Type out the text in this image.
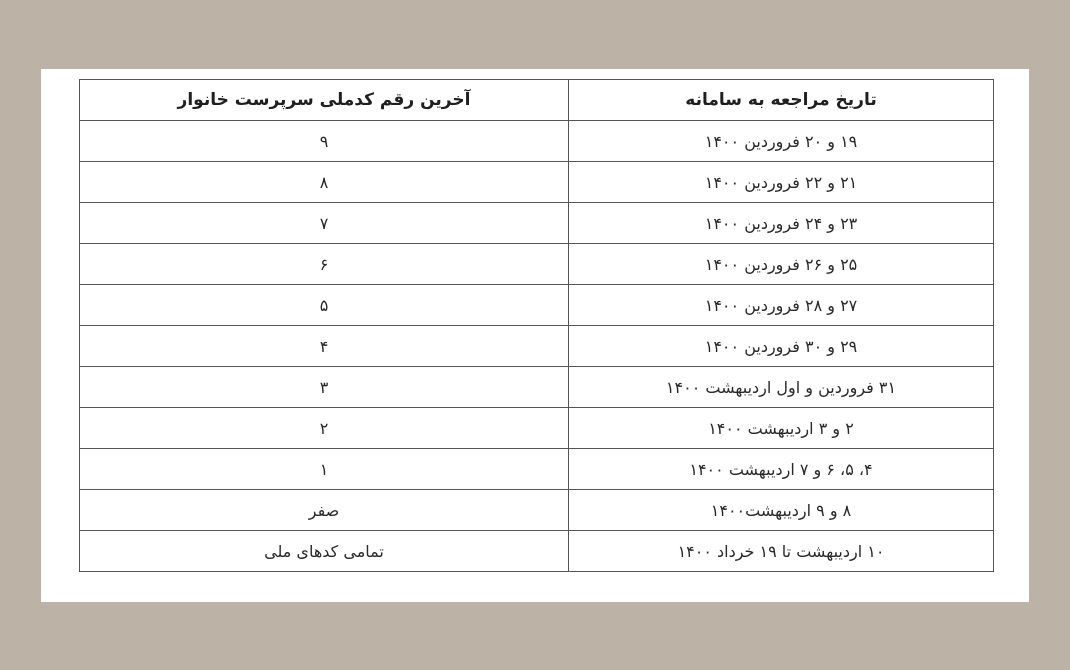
تاریخ مراجعه به سامانه	آخرین رقم کدملی سرپرست خانوار
۱۹ و ۲۰ فروردین ۱۴۰۰	۹
۲۱ و ۲۲ فروردین ۱۴۰۰	۸
۲۳ و ۲۴ فروردین ۱۴۰۰	۷
۲۵ و ۲۶ فروردین ۱۴۰۰	۶
۲۷ و ۲۸ فروردین ۱۴۰۰	۵
۲۹ و ۳۰ فروردین ۱۴۰۰	۴
۳۱ فروردین و اول اردیبهشت ۱۴۰۰	۳
۲ و ۳ اردیبهشت ۱۴۰۰	۲
۴، ۵، ۶ و ۷ اردیبهشت ۱۴۰۰	۱
۸ و ۹ اردیبهشت۱۴۰۰	صفر
۱۰ اردیبهشت تا ۱۹ خرداد ۱۴۰۰	تمامی کدهای ملی
